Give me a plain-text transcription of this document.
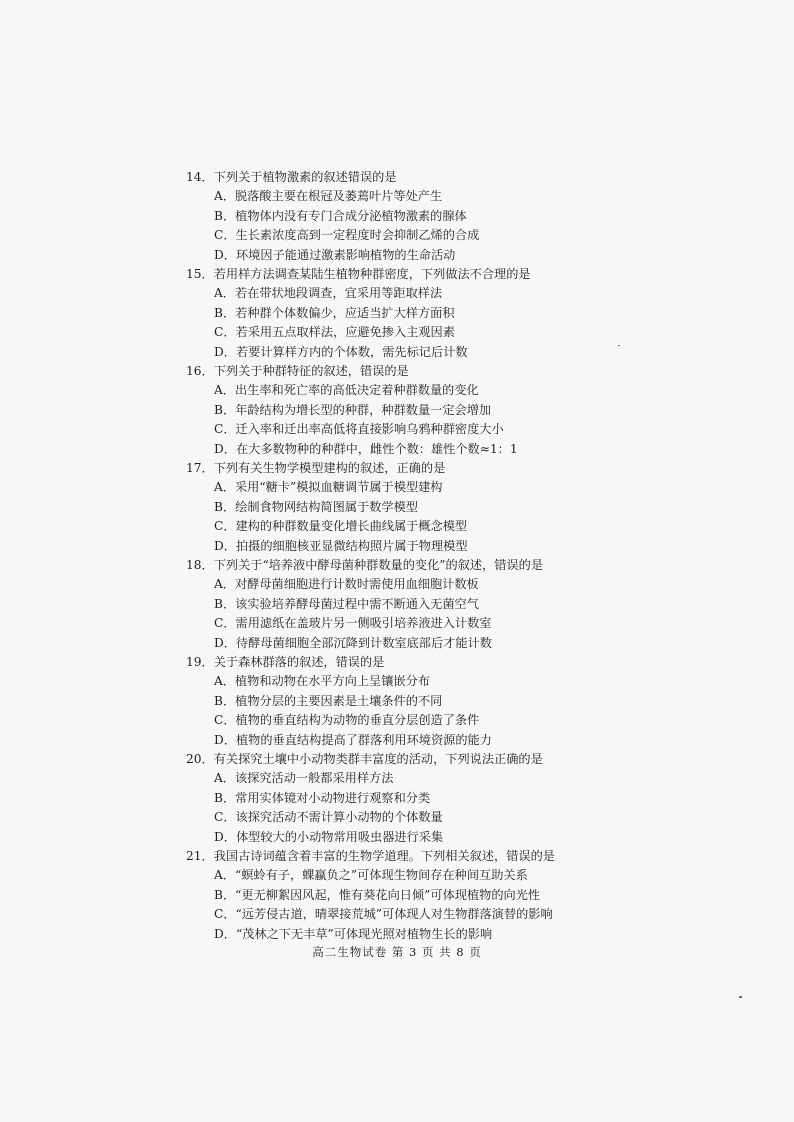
14．下列关于植物激素的叙述错误的是
A．脱落酸主要在根冠及萎蔫叶片等处产生
B．植物体内没有专门合成分泌植物激素的腺体
C．生长素浓度高到一定程度时会抑制乙烯的合成
D．环境因子能通过激素影响植物的生命活动
15．若用样方法调查某陆生植物种群密度，下列做法不合理的是
A．若在带状地段调查，宜采用等距取样法
B．若种群个体数偏少，应适当扩大样方面积
C．若采用五点取样法，应避免掺入主观因素
D．若要计算样方内的个体数，需先标记后计数
16．下列关于种群特征的叙述，错误的是
A．出生率和死亡率的高低决定着种群数量的变化
B．年龄结构为增长型的种群，种群数量一定会增加
C．迁入率和迁出率高低将直接影响乌鸦种群密度大小
D．在大多数物种的种群中，雌性个数：雄性个数≈1：1
17．下列有关生物学模型建构的叙述，正确的是
A．采用“糖卡”模拟血糖调节属于模型建构
B．绘制食物网结构简图属于数学模型
C．建构的种群数量变化增长曲线属于概念模型
D．拍摄的细胞核亚显微结构照片属于物理模型
18．下列关于“培养液中酵母菌种群数量的变化”的叙述，错误的是
A．对酵母菌细胞进行计数时需使用血细胞计数板
B．该实验培养酵母菌过程中需不断通入无菌空气
C．需用滤纸在盖玻片另一侧吸引培养液进入计数室
D．待酵母菌细胞全部沉降到计数室底部后才能计数
19．关于森林群落的叙述，错误的是
A．植物和动物在水平方向上呈镶嵌分布
B．植物分层的主要因素是土壤条件的不同
C．植物的垂直结构为动物的垂直分层创造了条件
D．植物的垂直结构提高了群落利用环境资源的能力
20．有关探究土壤中小动物类群丰富度的活动，下列说法正确的是
A．该探究活动一般都采用样方法
B．常用实体镜对小动物进行观察和分类
C．该探究活动不需计算小动物的个体数量
D．体型较大的小动物常用吸虫器进行采集
21．我国古诗词蕴含着丰富的生物学道理。下列相关叙述，错误的是
A．“螟蛉有子，蜾蠃负之”可体现生物间存在种间互助关系
B．“更无柳絮因风起，惟有葵花向日倾”可体现植物的向光性
C．“远芳侵古道，晴翠接荒城”可体现人对生物群落演替的影响
D．“茂林之下无丰草”可体现光照对植物生长的影响
高二生物试卷 第 3 页 共 8 页
